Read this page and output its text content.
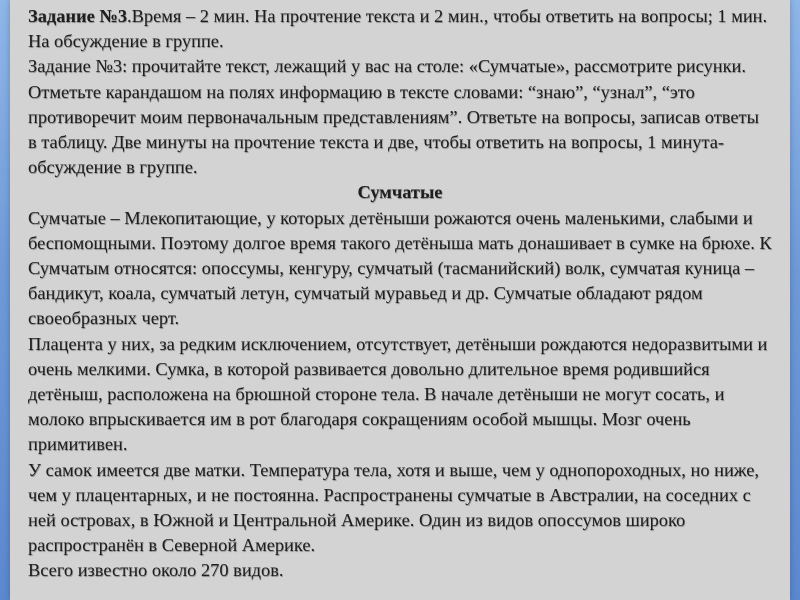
Задание №3.Время – 2 мин. На прочтение текста и 2 мин., чтобы ответить на вопросы; 1 мин. На обсуждение в группе.

Задание №3: прочитайте текст, лежащий у вас на столе: «Сумчатые», рассмотрите рисунки. Отметьте карандашом на полях информацию в тексте словами: “знаю”, “узнал”, “это противоречит моим первоначальным представлениям”. Ответьте на вопросы, записав ответы в таблицу. Две минуты на прочтение текста и две, чтобы ответить на вопросы, 1 минута-обсуждение в группе.

Сумчатые

Сумчатые – Млекопитающие, у которых детёныши рожаются очень маленькими, слабыми и беспомощными. Поэтому долгое время такого детёныша мать донашивает в сумке на брюхе. К Сумчатым относятся: опоссумы, кенгуру, сумчатый (тасманийский) волк, сумчатая куница – бандикут, коала, сумчатый летун, сумчатый муравьед и др. Сумчатые обладают рядом своеобразных черт.

Плацента у них, за редким исключением, отсутствует, детёныши рождаются недоразвитыми и очень мелкими. Сумка, в которой развивается довольно длительное время родившийся детёныш, расположена на брюшной стороне тела. В начале детёныши не могут сосать, и молоко впрыскивается им в рот благодаря сокращениям особой мышцы. Мозг очень примитивен.

У самок имеется две матки. Температура тела, хотя и выше, чем у однопороходных, но ниже, чем у плацентарных, и не постоянна. Распространены сумчатые в Австралии, на соседних с ней островах, в Южной и Центральной Америке. Один из видов опоссумов широко распространён в Северной Америке.

Всего известно около 270 видов.
